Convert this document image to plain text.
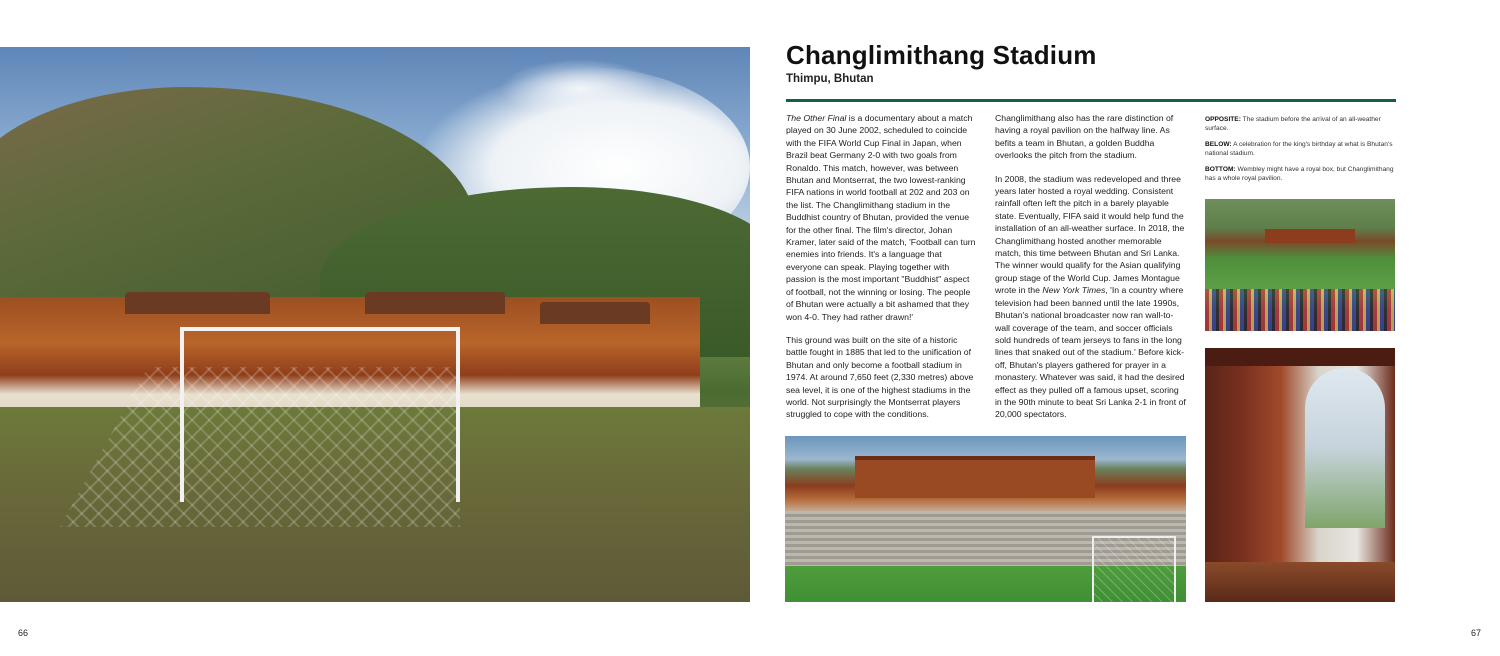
Changlimithang Stadium
Thimpu, Bhutan

The Other Final is a documentary about a match played on 30 June 2002, scheduled to coincide with the FIFA World Cup Final in Japan, when Brazil beat Germany 2-0 with two goals from Ronaldo. This match, however, was between Bhutan and Montserrat, the two lowest-ranking FIFA nations in world football at 202 and 203 on the list. The Changlimithang stadium in the Buddhist country of Bhutan, provided the venue for the other final. The film's director, Johan Kramer, later said of the match, 'Football can turn enemies into friends. It's a language that everyone can speak. Playing together with passion is the most important "Buddhist" aspect of football, not the winning or losing. The people of Bhutan were actually a bit ashamed that they won 4-0. They had rather drawn!'

This ground was built on the site of a historic battle fought in 1885 that led to the unification of Bhutan and only become a football stadium in 1974. At around 7,650 feet (2,330 metres) above sea level, it is one of the highest stadiums in the world. Not surprisingly the Montserrat players struggled to cope with the conditions.

Changlimithang also has the rare distinction of having a royal pavilion on the halfway line. As befits a team in Bhutan, a golden Buddha overlooks the pitch from the stadium.

In 2008, the stadium was redeveloped and three years later hosted a royal wedding. Consistent rainfall often left the pitch in a barely playable state. Eventually, FIFA said it would help fund the installation of an all-weather surface. In 2018, the Changlimithang hosted another memorable match, this time between Bhutan and Sri Lanka. The winner would qualify for the Asian qualifying group stage of the World Cup. James Montague wrote in the New York Times, 'In a country where television had been banned until the late 1990s, Bhutan's national broadcaster now ran wall-to-wall coverage of the team, and soccer officials sold hundreds of team jerseys to fans in the long lines that snaked out of the stadium.' Before kick-off, Bhutan's players gathered for prayer in a monastery. Whatever was said, it had the desired effect as they pulled off a famous upset, scoring in the 90th minute to beat Sri Lanka 2-1 in front of 20,000 spectators.

OPPOSITE: The stadium before the arrival of an all-weather surface.

BELOW: A celebration for the king's birthday at what is Bhutan's national stadium.

BOTTOM: Wembley might have a royal box, but Changlimithang has a whole royal pavilion.

66	67
